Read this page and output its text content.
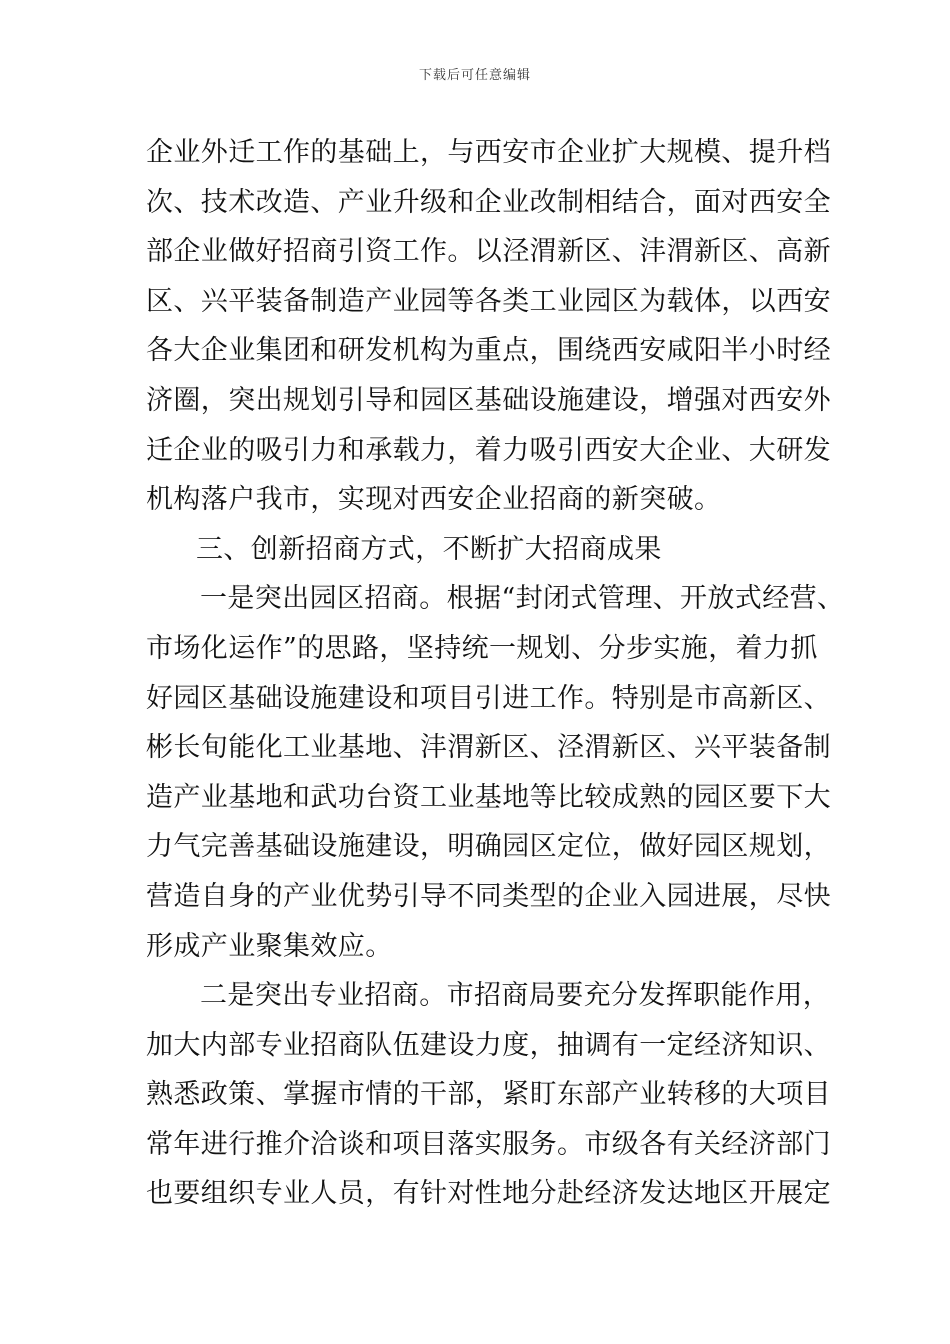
下载后可任意编辑
企业外迁工作的基础上，与西安市企业扩大规模、提升档
次、技术改造、产业升级和企业改制相结合，面对西安全
部企业做好招商引资工作。以泾渭新区、沣渭新区、高新
区、兴平装备制造产业园等各类工业园区为载体，以西安
各大企业集团和研发机构为重点，围绕西安咸阳半小时经
济圈，突出规划引导和园区基础设施建设，增强对西安外
迁企业的吸引力和承载力，着力吸引西安大企业、大研发
机构落户我市，实现对西安企业招商的新突破。
三、创新招商方式，不断扩大招商成果
一是突出园区招商。根据“封闭式管理、开放式经营、
市场化运作”的思路，坚持统一规划、分步实施，着力抓
好园区基础设施建设和项目引进工作。特别是市高新区、
彬长旬能化工业基地、沣渭新区、泾渭新区、兴平装备制
造产业基地和武功台资工业基地等比较成熟的园区要下大
力气完善基础设施建设，明确园区定位，做好园区规划，
营造自身的产业优势引导不同类型的企业入园进展，尽快
形成产业聚集效应。
二是突出专业招商。市招商局要充分发挥职能作用，
加大内部专业招商队伍建设力度，抽调有一定经济知识、
熟悉政策、掌握市情的干部，紧盯东部产业转移的大项目
常年进行推介洽谈和项目落实服务。市级各有关经济部门
也要组织专业人员，有针对性地分赴经济发达地区开展定
